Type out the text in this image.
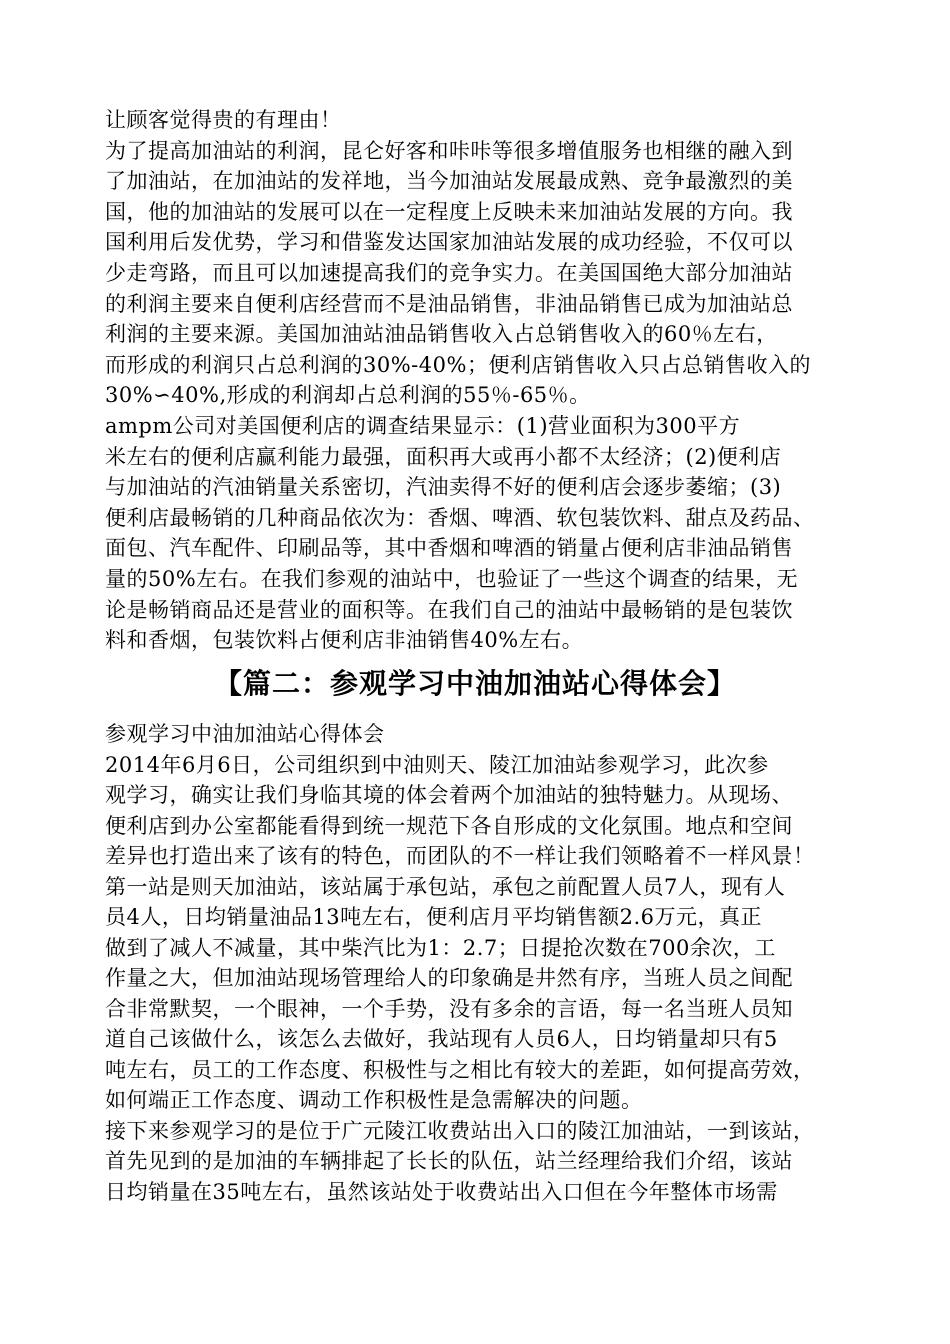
让顾客觉得贵的有理由！
为了提高加油站的利润，昆仑好客和咔咔等很多增值服务也相继的融入到
了加油站，在加油站的发祥地，当今加油站发展最成熟、竞争最激烈的美
国，他的加油站的发展可以在一定程度上反映未来加油站发展的方向。我
国利用后发优势，学习和借鉴发达国家加油站发展的成功经验，不仅可以
少走弯路，而且可以加速提高我们的竞争实力。在美国国绝大部分加油站
的利润主要来自便利店经营而不是油品销售，非油品销售已成为加油站总
利润的主要来源。美国加油站油品销售收入占总销售收入的60％左右，
而形成的利润只占总利润的30%-40%；便利店销售收入只占总销售收入的
30%∽40%,形成的利润却占总利润的55％-65％。
ampm公司对美国便利店的调查结果显示：(1)营业面积为300平方
米左右的便利店赢利能力最强，面积再大或再小都不太经济；(2)便利店
与加油站的汽油销量关系密切，汽油卖得不好的便利店会逐步萎缩；(3)
便利店最畅销的几种商品依次为：香烟、啤酒、软包装饮料、甜点及药品、
面包、汽车配件、印刷品等，其中香烟和啤酒的销量占便利店非油品销售
量的50%左右。在我们参观的油站中，也验证了一些这个调查的结果，无
论是畅销商品还是营业的面积等。在我们自己的油站中最畅销的是包装饮
料和香烟，包装饮料占便利店非油销售40%左右。
【篇二：参观学习中油加油站心得体会】
参观学习中油加油站心得体会
2014年6月6日，公司组织到中油则天、陵江加油站参观学习，此次参
观学习，确实让我们身临其境的体会着两个加油站的独特魅力。从现场、
便利店到办公室都能看得到统一规范下各自形成的文化氛围。地点和空间
差异也打造出来了该有的特色，而团队的不一样让我们领略着不一样风景！
第一站是则天加油站，该站属于承包站，承包之前配置人员7人，现有人
员4人，日均销量油品13吨左右，便利店月平均销售额2.6万元，真正
做到了减人不减量，其中柴汽比为1：2.7；日提抢次数在700余次，工
作量之大，但加油站现场管理给人的印象确是井然有序，当班人员之间配
合非常默契，一个眼神，一个手势，没有多余的言语，每一名当班人员知
道自己该做什么，该怎么去做好，我站现有人员6人，日均销量却只有5
吨左右，员工的工作态度、积极性与之相比有较大的差距，如何提高劳效，
如何端正工作态度、调动工作积极性是急需解决的问题。
接下来参观学习的是位于广元陵江收费站出入口的陵江加油站，一到该站，
首先见到的是加油的车辆排起了长长的队伍，站兰经理给我们介绍，该站
日均销量在35吨左右，虽然该站处于收费站出入口但在今年整体市场需
